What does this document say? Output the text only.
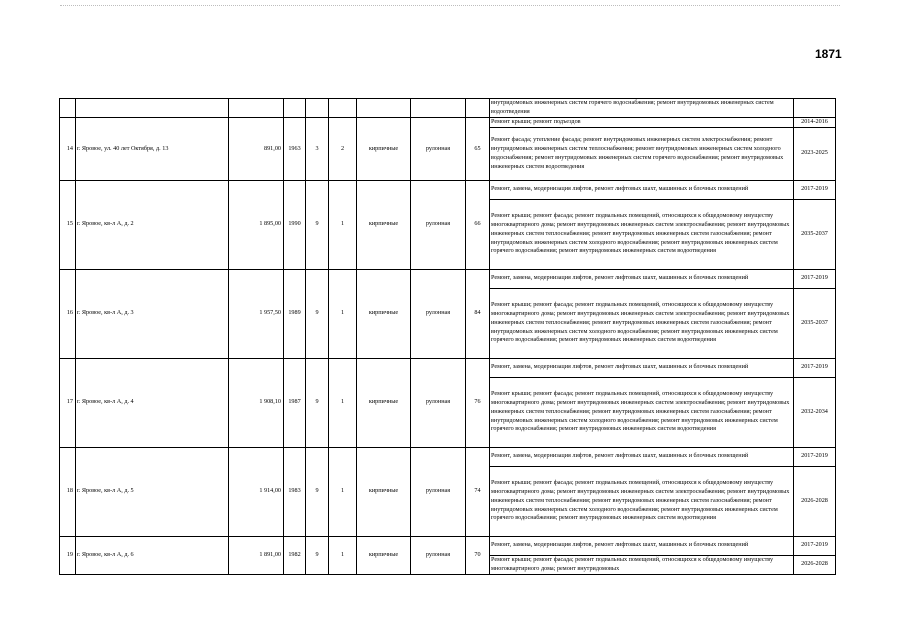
1871
									внутридомовых инженерных систем горячего водоснабжения; ремонт внутридомовых инженерных систем водоотведения	
14	г. Яровое, ул. 40 лет Октября, д. 13	891,00	1963	3	2	кирпичные	рулонная	65	Ремонт крыши; ремонт подъездов	2014-2016
									Ремонт фасада; утепление фасада; ремонт внутридомовых инженерных систем электроснабжения; ремонт внутридомовых инженерных систем теплоснабжения; ремонт внутридомовых инженерных систем холодного водоснабжения; ремонт внутридомовых инженерных систем горячего водоснабжения; ремонт внутридомовых инженерных систем водоотведения	2023-2025
15	г. Яровое, кв-л А, д. 2	1 895,00	1990	9	1	кирпичные	рулонная	66	Ремонт, замена, модернизация лифтов, ремонт лифтовых шахт, машинных и блочных помещений	2017-2019
									Ремонт крыши; ремонт фасада; ремонт подвальных помещений, относящихся к общедомовому имуществу многоквартирного дома; ремонт внутридомовых инженерных систем электроснабжения; ремонт внутридомовых инженерных систем теплоснабжения; ремонт внутридомовых инженерных систем газоснабжения; ремонт внутридомовых инженерных систем холодного водоснабжения; ремонт внутридомовых инженерных систем горячего водоснабжения; ремонт внутридомовых инженерных систем водоотведения	2035-2037
16	г. Яровое, кв-л А, д. 3	1 957,50	1989	9	1	кирпичные	рулонная	84	Ремонт, замена, модернизация лифтов, ремонт лифтовых шахт, машинных и блочных помещений	2017-2019
									Ремонт крыши; ремонт фасада; ремонт подвальных помещений, относящихся к общедомовому имуществу многоквартирного дома; ремонт внутридомовых инженерных систем электроснабжения; ремонт внутридомовых инженерных систем теплоснабжения; ремонт внутридомовых инженерных систем газоснабжения; ремонт внутридомовых инженерных систем холодного водоснабжения; ремонт внутридомовых инженерных систем горячего водоснабжения; ремонт внутридомовых инженерных систем водоотведения	2035-2037
17	г. Яровое, кв-л А, д. 4	1 908,10	1987	9	1	кирпичные	рулонная	76	Ремонт, замена, модернизация лифтов, ремонт лифтовых шахт, машинных и блочных помещений	2017-2019
									Ремонт крыши; ремонт фасада; ремонт подвальных помещений, относящихся к общедомовому имуществу многоквартирного дома; ремонт внутридомовых инженерных систем электроснабжения; ремонт внутридомовых инженерных систем теплоснабжения; ремонт внутридомовых инженерных систем газоснабжения; ремонт внутридомовых инженерных систем холодного водоснабжения; ремонт внутридомовых инженерных систем горячего водоснабжения; ремонт внутридомовых инженерных систем водоотведения	2032-2034
18	г. Яровое, кв-л А, д. 5	1 914,00	1983	9	1	кирпичные	рулонная	74	Ремонт, замена, модернизация лифтов, ремонт лифтовых шахт, машинных и блочных помещений	2017-2019
									Ремонт крыши; ремонт фасада; ремонт подвальных помещений, относящихся к общедомовому имуществу многоквартирного дома; ремонт внутридомовых инженерных систем электроснабжения; ремонт внутридомовых инженерных систем теплоснабжения; ремонт внутридомовых инженерных систем газоснабжения; ремонт внутридомовых инженерных систем холодного водоснабжения; ремонт внутридомовых инженерных систем горячего водоснабжения; ремонт внутридомовых инженерных систем водоотведения	2026-2028
19	г. Яровое, кв-л А, д. 6	1 891,00	1982	9	1	кирпичные	рулонная	70	Ремонт, замена, модернизация лифтов, ремонт лифтовых шахт, машинных и блочных помещений	2017-2019
									Ремонт крыши; ремонт фасада; ремонт подвальных помещений, относящихся к общедомовому имуществу многоквартирного дома; ремонт внутридомовых	2026-2028
